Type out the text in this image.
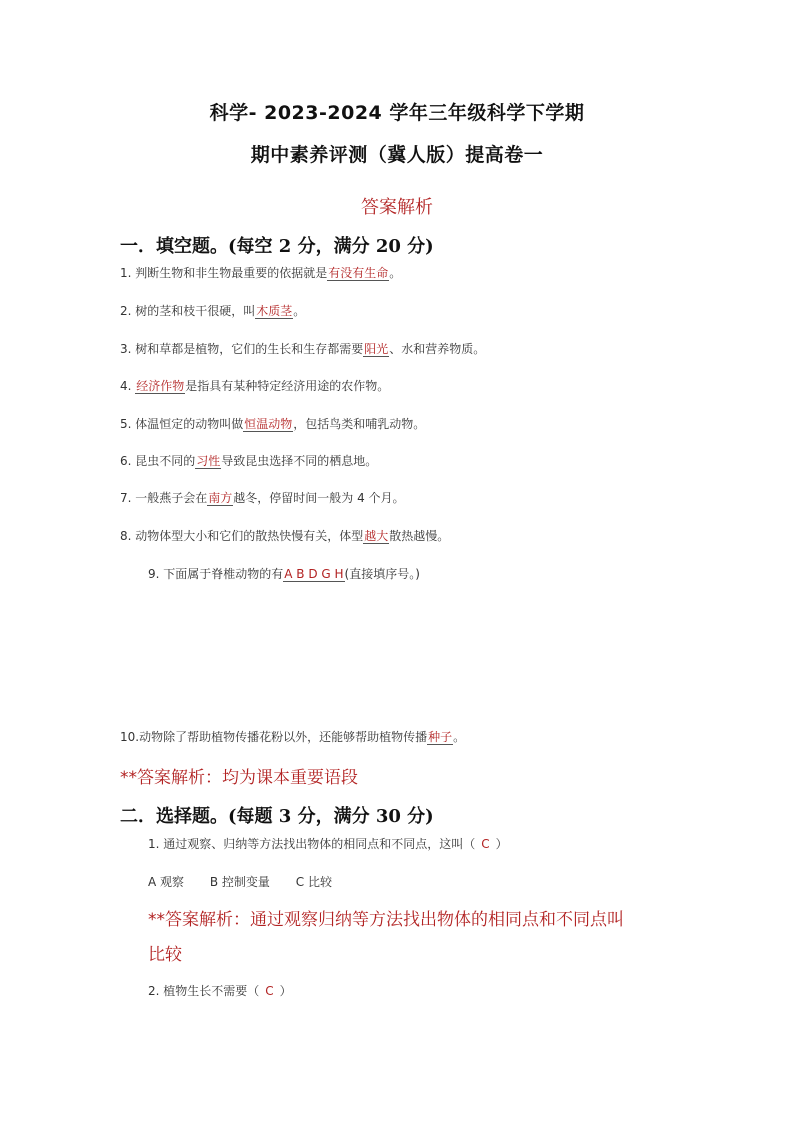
科学- 2023-2024 学年三年级科学下学期
期中素养评测（冀人版）提高卷一
答案解析
一．填空题。(每空 2 分，满分 20 分)
1. 判断生物和非生物最重要的依据就是有没有生命。
2. 树的茎和枝干很硬，叫木质茎。
3. 树和草都是植物，它们的生长和生存都需要阳光、水和营养物质。
4. 经济作物是指具有某种特定经济用途的农作物。
5. 体温恒定的动物叫做恒温动物，包括鸟类和哺乳动物。
6. 昆虫不同的习性导致昆虫选择不同的栖息地。
7. 一般燕子会在南方越冬，停留时间一般为 4 个月。
8. 动物体型大小和它们的散热快慢有关，体型越大散热越慢。
9. 下面属于脊椎动物的有A B D G H(直接填序号。)
10.动物除了帮助植物传播花粉以外，还能够帮助植物传播种子。
**答案解析：均为课本重要语段
二．选择题。(每题 3 分，满分 30 分)
1. 通过观察、归纳等方法找出物体的相同点和不同点，这叫（ C ）
A 观察 B 控制变量 C 比较
**答案解析：通过观察归纳等方法找出物体的相同点和不同点叫
比较
2. 植物生长不需要（ C ）
